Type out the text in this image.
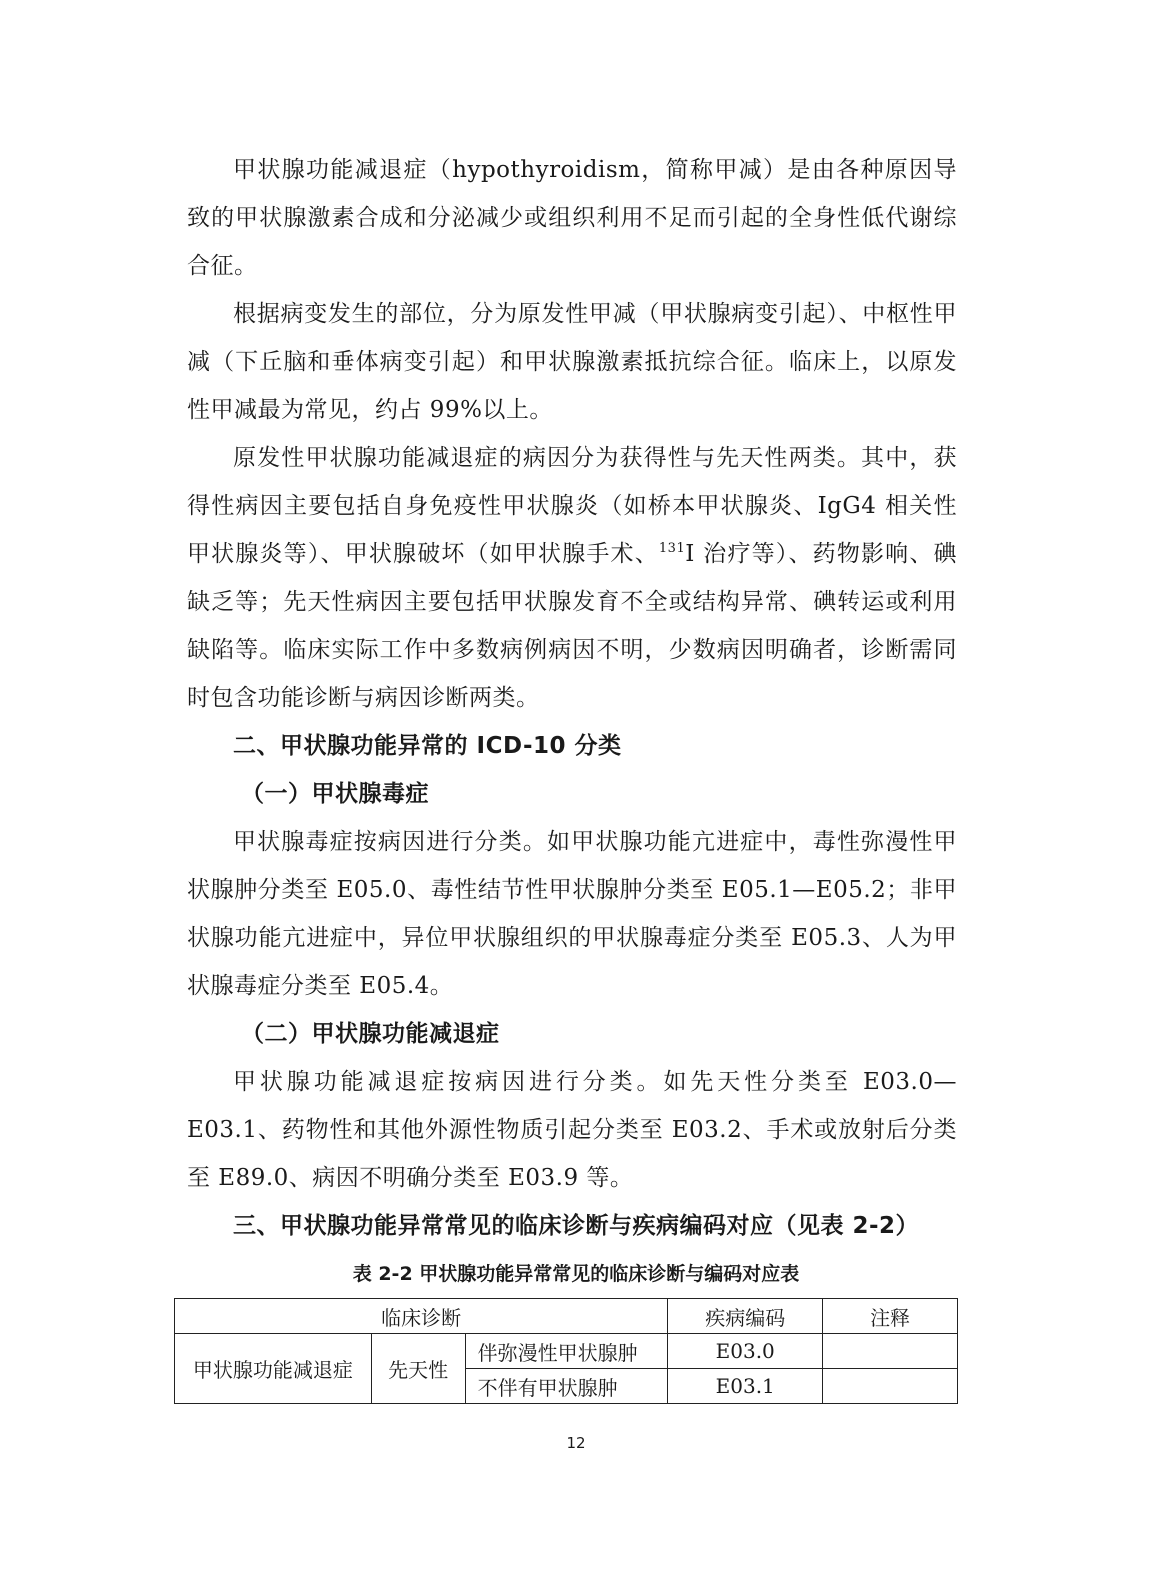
甲状腺功能减退症（hypothyroidism，简称甲减）是由各种原因导致的甲状腺激素合成和分泌减少或组织利用不足而引起的全身性低代谢综合征。

根据病变发生的部位，分为原发性甲减（甲状腺病变引起）、中枢性甲减（下丘脑和垂体病变引起）和甲状腺激素抵抗综合征。临床上，以原发性甲减最为常见，约占 99%以上。

原发性甲状腺功能减退症的病因分为获得性与先天性两类。其中，获得性病因主要包括自身免疫性甲状腺炎（如桥本甲状腺炎、IgG4 相关性甲状腺炎等）、甲状腺破坏（如甲状腺手术、$^{131}$I 治疗等）、药物影响、碘缺乏等；先天性病因主要包括甲状腺发育不全或结构异常、碘转运或利用缺陷等。临床实际工作中多数病例病因不明，少数病因明确者，诊断需同时包含功能诊断与病因诊断两类。

二、甲状腺功能异常的 ICD-10 分类
（一）甲状腺毒症

甲状腺毒症按病因进行分类。如甲状腺功能亢进症中，毒性弥漫性甲状腺肿分类至 E05.0、毒性结节性甲状腺肿分类至 E05.1—E05.2；非甲状腺功能亢进症中，异位甲状腺组织的甲状腺毒症分类至 E05.3、人为甲状腺毒症分类至 E05.4。

（二）甲状腺功能减退症

甲状腺功能减退症按病因进行分类。如先天性分类至 E03.0—E03.1、药物性和其他外源性物质引起分类至 E03.2、手术或放射后分类至 E89.0、病因不明确分类至 E03.9 等。

三、甲状腺功能异常常见的临床诊断与疾病编码对应（见表 2-2）
表 2-2 甲状腺功能异常常见的临床诊断与编码对应表
临床诊断			疾病编码	注释
甲状腺功能减退症	先天性	伴弥漫性甲状腺肿	E03.0	
		不伴有甲状腺肿	E03.1	
12
